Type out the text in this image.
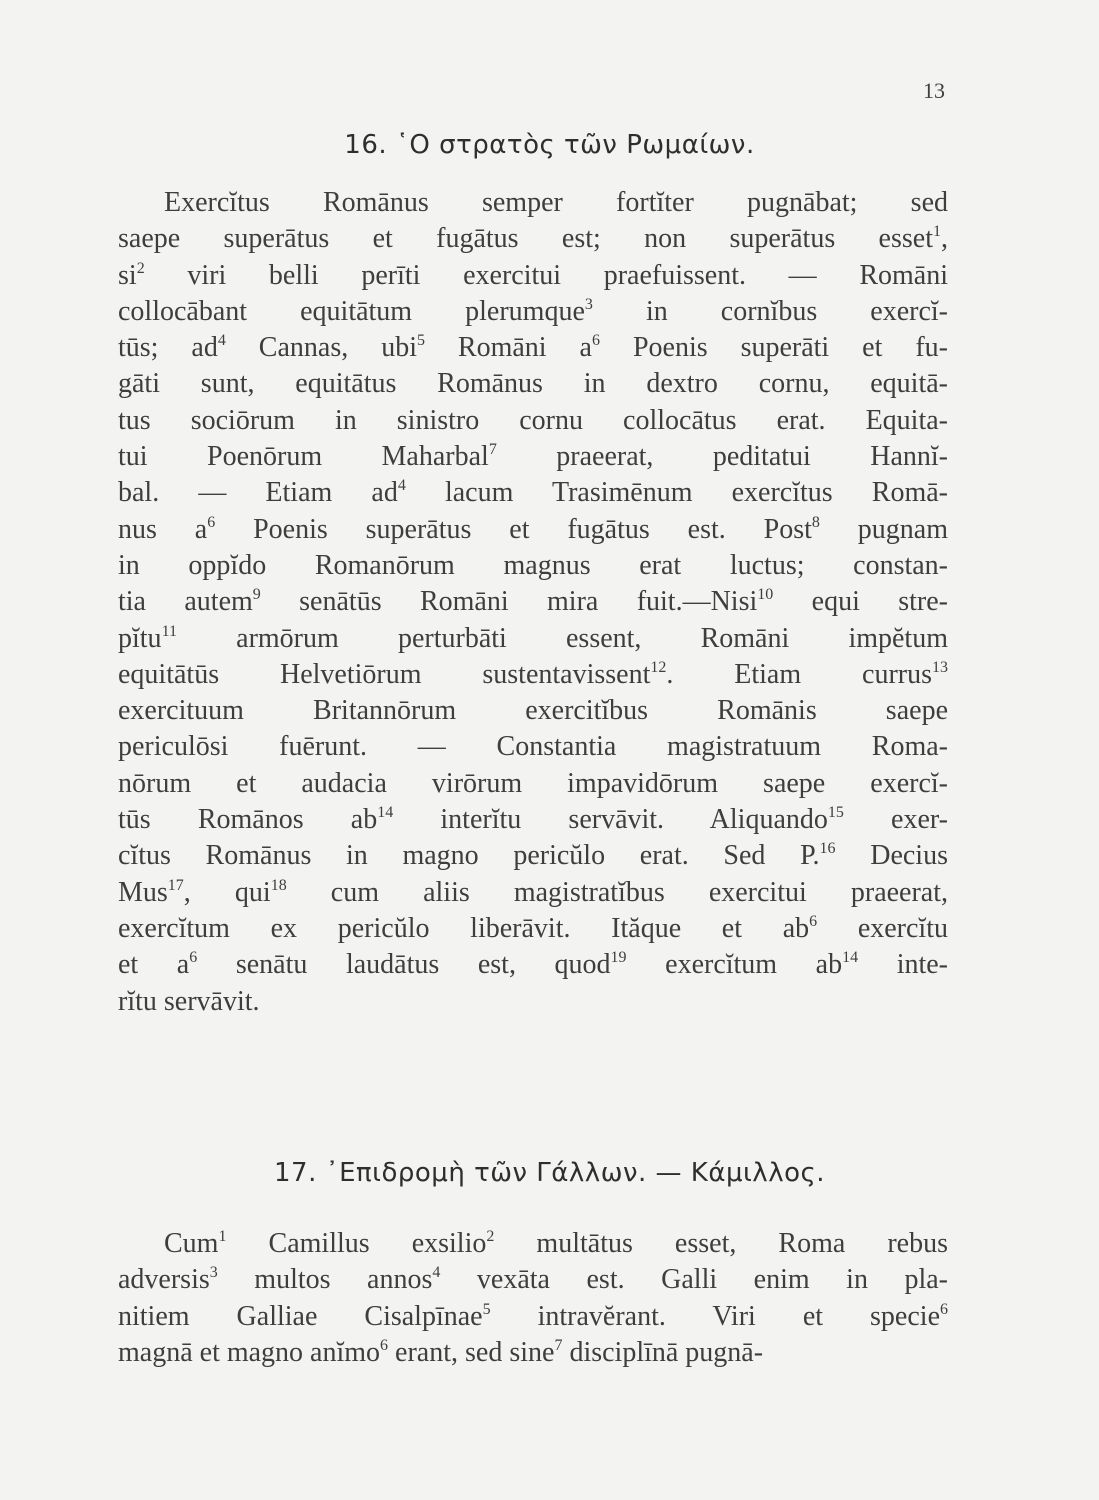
13
16. ῾Ο στρατὸς τῶν Ρωμαίων.
Exercĭtus Romānus semper fortĭter pugnābat; sed
saepe superātus et fugātus est; non superātus esset$^1$,
$si^2$ viri belli perīti exercitui praefuissent. — Romāni
collocābant equitātum plerumque$^3$ in cornĭbus exercĭ-
tūs; $ad^4$ Cannas, ubi$^5$ Romāni $a^6$ Poenis superāti et fu-
gāti sunt, equitātus Romānus in dextro cornu, equitā-
tus sociōrum in sinistro cornu collocātus erat. Equita-
tui Poenōrum Maharbal$^7$ praeerat, peditatui Hannĭ-
bal. — Etiam $ad^4$ lacum Trasimēnum exercĭtus Romā-
nus $a^6$ Poenis superātus et fugātus est. Post$^8$ pugnam
in oppĭdo Romanōrum magnus erat luctus; constan-
tia autem$^9$ senātūs Romāni mira fuit.—Nisi$^{10}$ equi stre-
pĭtu$^{11}$ armōrum perturbāti essent, Romāni impĕtum
equitātūs Helvetiōrum sustentavissent$^{12}$. Etiam currus$^{13}$
exercituum Britannōrum exercitĭbus Romānis saepe
periculōsi fuērunt. — Constantia magistratuum Roma-
nōrum et audacia virōrum impavidōrum saepe exercĭ-
tūs Romānos $ab^{14}$ interĭtu servāvit. Aliquando$^{15}$ exer-
cĭtus Romānus in magno pericŭlo erat. Sed P.$^{16}$ Decius
Mus$^{17}$, qui$^{18}$ cum aliis magistratĭbus exercitui praeerat,
exercĭtum ex pericŭlo liberāvit. Ităque et $ab^6$ exercĭtu
et $a^6$ senātu laudātus est, quod$^{19}$ exercĭtum $ab^{14}$ inte-
rĭtu servāvit.
17. ᾿Επιδρομὴ τῶν Γάλλων. — Κάμιλλος.
Cum$^1$ Camillus exsilio$^2$ multātus esset, Roma rebus
adversis$^3$ multos annos$^4$ vexāta est. Galli enim in pla-
nitiem Galliae Cisalpīnae$^5$ intravĕrant. Viri et specie$^6$
magnā et magno anĭmo$^6$ erant, sed sine$^7$ disciplīnā pugnā-
